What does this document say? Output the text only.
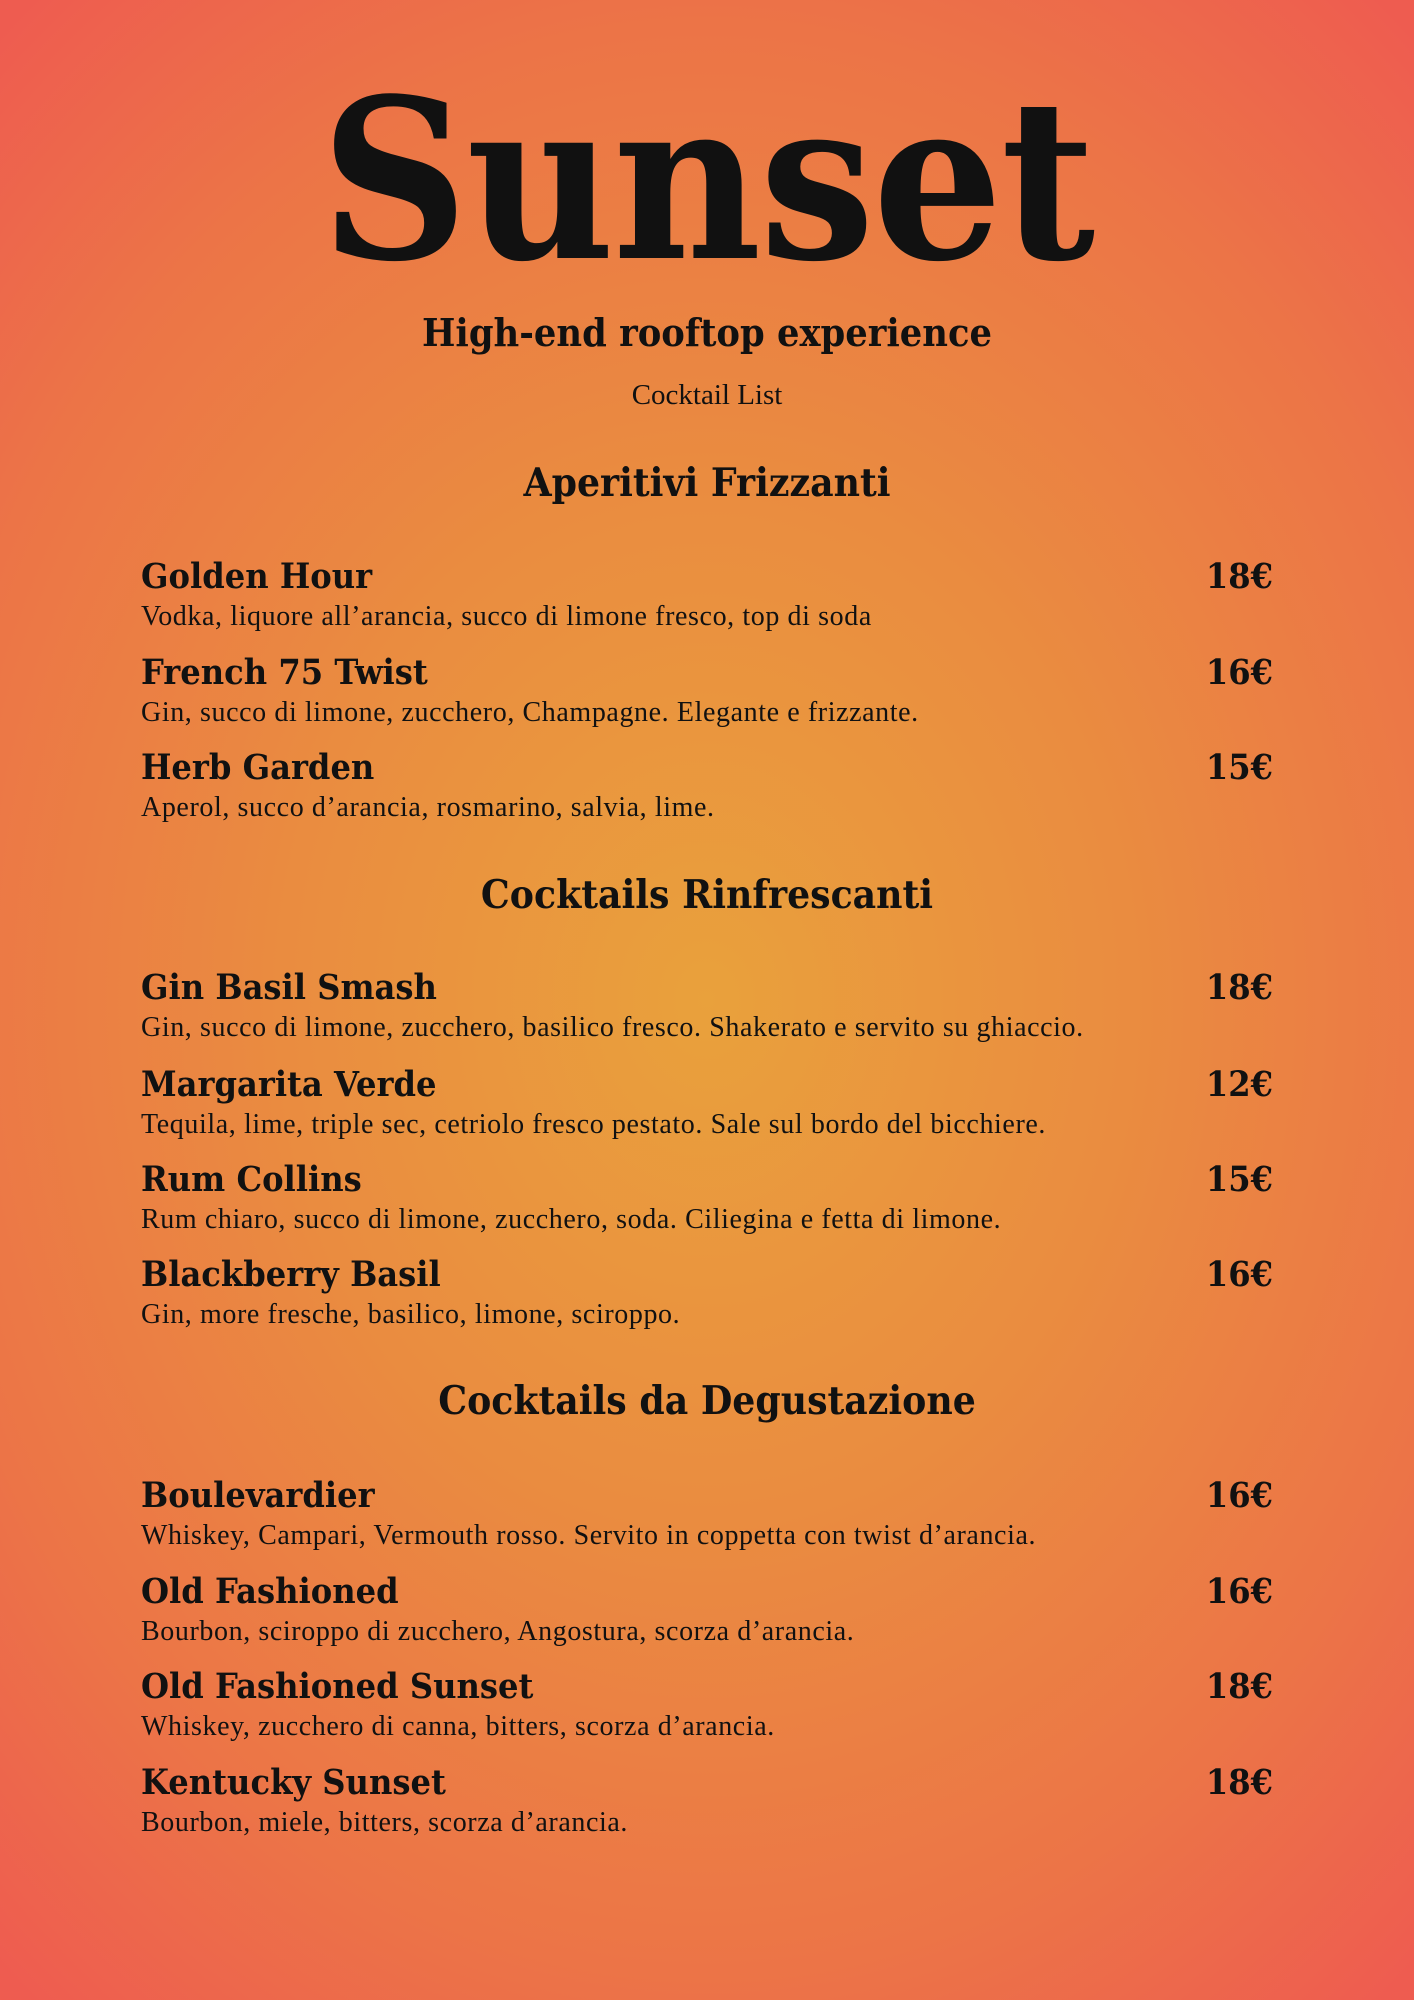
Sunset
High-end rooftop experience

Cocktail List

Aperitivi Frizzanti
Golden Hour	18€
Vodka, liquore all’arancia, succo di limone fresco, top di soda
French 75 Twist	16€
Gin, succo di limone, zucchero, Champagne. Elegante e frizzante.
Herb Garden	15€
Aperol, succo d’arancia, rosmarino, salvia, lime.
Cocktails Rinfrescanti
Gin Basil Smash	18€
Gin, succo di limone, zucchero, basilico fresco. Shakerato e servito su ghiaccio.
Margarita Verde	12€
Tequila, lime, triple sec, cetriolo fresco pestato. Sale sul bordo del bicchiere.
Rum Collins	15€
Rum chiaro, succo di limone, zucchero, soda. Ciliegina e fetta di limone.
Blackberry Basil	16€
Gin, more fresche, basilico, limone, sciroppo.
Cocktails da Degustazione
Boulevardier	16€
Whiskey, Campari, Vermouth rosso. Servito in coppetta con twist d’arancia.
Old Fashioned	16€
Bourbon, sciroppo di zucchero, Angostura, scorza d’arancia.
Old Fashioned Sunset	18€
Whiskey, zucchero di canna, bitters, scorza d’arancia.
Kentucky Sunset	18€
Bourbon, miele, bitters, scorza d’arancia.
